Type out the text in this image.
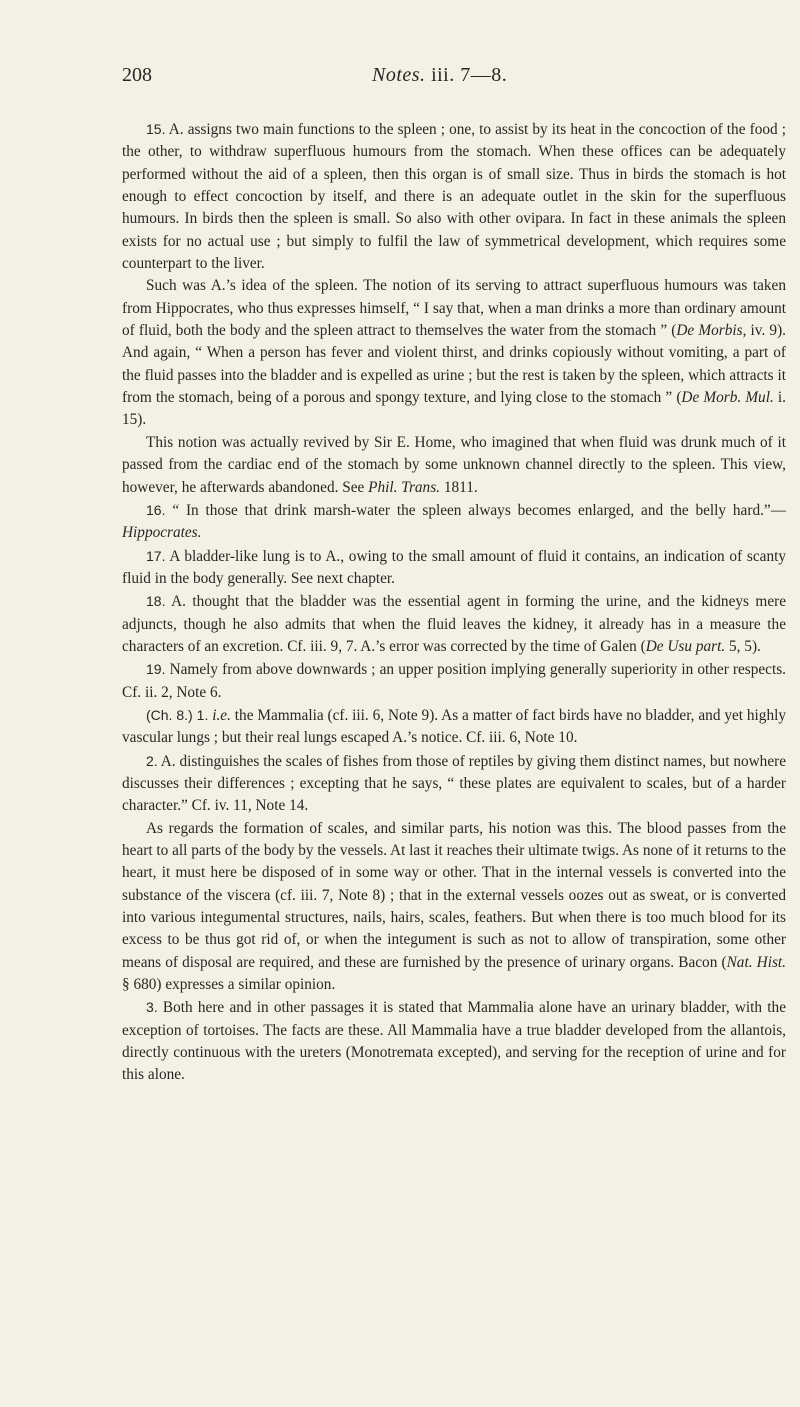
208	Notes. iii. 7—8.

15. A. assigns two main functions to the spleen ; one, to assist by its heat in the concoction of the food ; the other, to withdraw superfluous humours from the stomach. When these offices can be adequately performed without the aid of a spleen, then this organ is of small size. Thus in birds the stomach is hot enough to effect concoction by itself, and there is an adequate outlet in the skin for the superfluous humours. In birds then the spleen is small. So also with other ovipara. In fact in these animals the spleen exists for no actual use ; but simply to fulfil the law of symmetrical development, which requires some counterpart to the liver.

Such was A.’s idea of the spleen. The notion of its serving to attract superfluous humours was taken from Hippocrates, who thus expresses himself, “ I say that, when a man drinks a more than ordinary amount of fluid, both the body and the spleen attract to themselves the water from the stomach ” (De Morbis, iv. 9). And again, “ When a person has fever and violent thirst, and drinks copiously without vomiting, a part of the fluid passes into the bladder and is expelled as urine ; but the rest is taken by the spleen, which attracts it from the stomach, being of a porous and spongy texture, and lying close to the stomach ” (De Morb. Mul. i. 15).

This notion was actually revived by Sir E. Home, who imagined that when fluid was drunk much of it passed from the cardiac end of the stomach by some unknown channel directly to the spleen. This view, however, he afterwards abandoned. See Phil. Trans. 1811.

16. “ In those that drink marsh-water the spleen always becomes enlarged, and the belly hard.”—Hippocrates.

17. A bladder-like lung is to A., owing to the small amount of fluid it contains, an indication of scanty fluid in the body generally. See next chapter.

18. A. thought that the bladder was the essential agent in forming the urine, and the kidneys mere adjuncts, though he also admits that when the fluid leaves the kidney, it already has in a measure the characters of an excretion. Cf. iii. 9, 7. A.’s error was corrected by the time of Galen (De Usu part. 5, 5).

19. Namely from above downwards ; an upper position implying generally superiority in other respects. Cf. ii. 2, Note 6.

(Ch. 8.) 1. i.e. the Mammalia (cf. iii. 6, Note 9). As a matter of fact birds have no bladder, and yet highly vascular lungs ; but their real lungs escaped A.’s notice. Cf. iii. 6, Note 10.

2. A. distinguishes the scales of fishes from those of reptiles by giving them distinct names, but nowhere discusses their differences ; excepting that he says, “ these plates are equivalent to scales, but of a harder character.” Cf. iv. 11, Note 14.

As regards the formation of scales, and similar parts, his notion was this. The blood passes from the heart to all parts of the body by the vessels. At last it reaches their ultimate twigs. As none of it returns to the heart, it must here be disposed of in some way or other. That in the internal vessels is converted into the substance of the viscera (cf. iii. 7, Note 8) ; that in the external vessels oozes out as sweat, or is converted into various integumental structures, nails, hairs, scales, feathers. But when there is too much blood for its excess to be thus got rid of, or when the integument is such as not to allow of transpiration, some other means of disposal are required, and these are furnished by the presence of urinary organs. Bacon (Nat. Hist. § 680) expresses a similar opinion.

3. Both here and in other passages it is stated that Mammalia alone have an urinary bladder, with the exception of tortoises. The facts are these. All Mammalia have a true bladder developed from the allantois, directly continuous with the ureters (Monotremata excepted), and serving for the reception of urine and for this alone.
